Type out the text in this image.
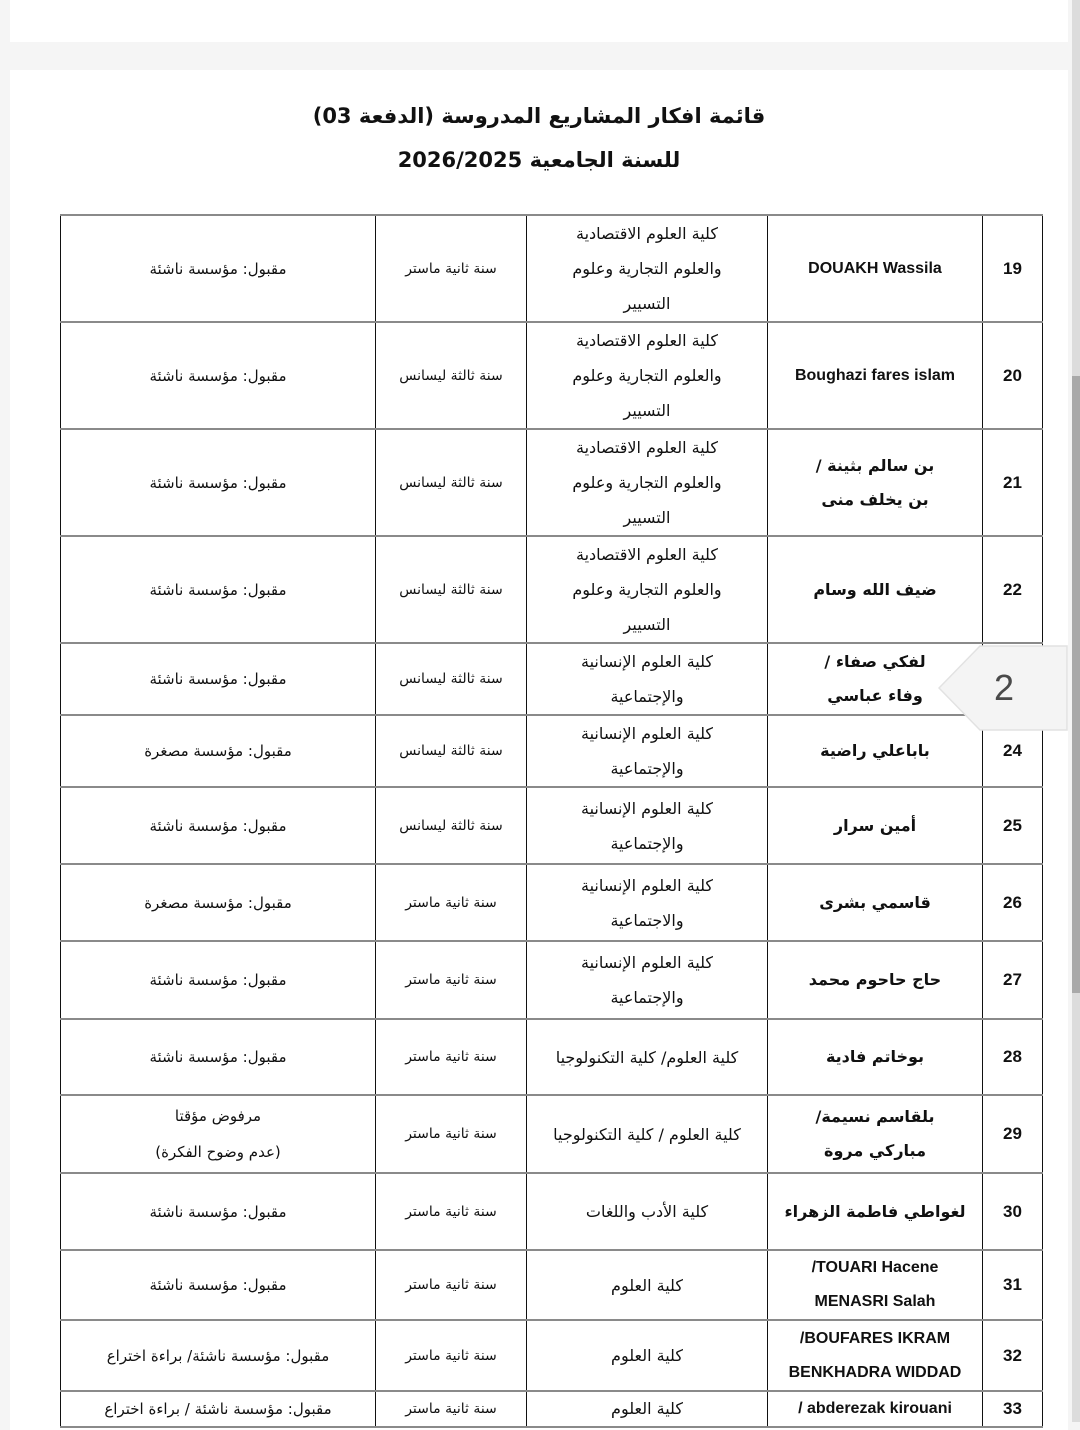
قائمة افكار المشاريع المدروسة (الدفعة 03)
للسنة الجامعية 2026/2025
19	DOUAKH Wassila	كلية العلوم الاقتصادية
والعلوم التجارية وعلوم
التسيير	سنة ثانية ماستر	مقبول: مؤسسة ناشئة

20	Boughazi fares islam	كلية العلوم الاقتصادية
والعلوم التجارية وعلوم
التسيير	سنة ثالثة ليسانس	مقبول: مؤسسة ناشئة

21	بن سالم بثينة /
بن يخلف منى	كلية العلوم الاقتصادية
والعلوم التجارية وعلوم
التسيير	سنة ثالثة ليسانس	مقبول: مؤسسة ناشئة

22	ضيف الله وسام	كلية العلوم الاقتصادية
والعلوم التجارية وعلوم
التسيير	سنة ثالثة ليسانس	مقبول: مؤسسة ناشئة

	لفكي صفاء /
وفاء عباسي	كلية العلوم الإنسانية
والإجتماعية	سنة ثالثة ليسانس	مقبول: مؤسسة ناشئة

24	باباعلي راضية	كلية العلوم الإنسانية
والإجتماعية	سنة ثالثة ليسانس	مقبول: مؤسسة مصغرة

25	أمين سرار	كلية العلوم الإنسانية
والإجتماعية	سنة ثالثة ليسانس	مقبول: مؤسسة ناشئة

26	قاسمي بشرى	كلية العلوم الإنسانية
والاجتماعية	سنة ثانية ماستر	مقبول: مؤسسة مصغرة

27	حاج حاحوم محمد	كلية العلوم الإنسانية
والإجتماعية	سنة ثانية ماستر	مقبول: مؤسسة ناشئة

28	بوخاتم فادية	كلية العلوم/ كلية التكنولوجيا	سنة ثانية ماستر	مقبول: مؤسسة ناشئة

29	بلقاسم نسيمة/
مباركي مروة	كلية العلوم / كلية التكنولوجيا	سنة ثانية ماستر	مرفوض مؤقتا
(عدم وضوح الفكرة)

30	لغواطي فاطمة الزهراء	كلية الأدب واللغات	سنة ثانية ماستر	مقبول: مؤسسة ناشئة

31	TOUARI Hacene/
MENASRI Salah	كلية العلوم	سنة ثانية ماستر	مقبول: مؤسسة ناشئة

32	BOUFARES IKRAM/
BENKHADRA WIDDAD	كلية العلوم	سنة ثانية ماستر	مقبول: مؤسسة ناشئة/ براءة اختراع

33	abderezak kirouani /	كلية العلوم	سنة ثانية ماستر	مقبول: مؤسسة ناشئة / براءة اختراع
2
